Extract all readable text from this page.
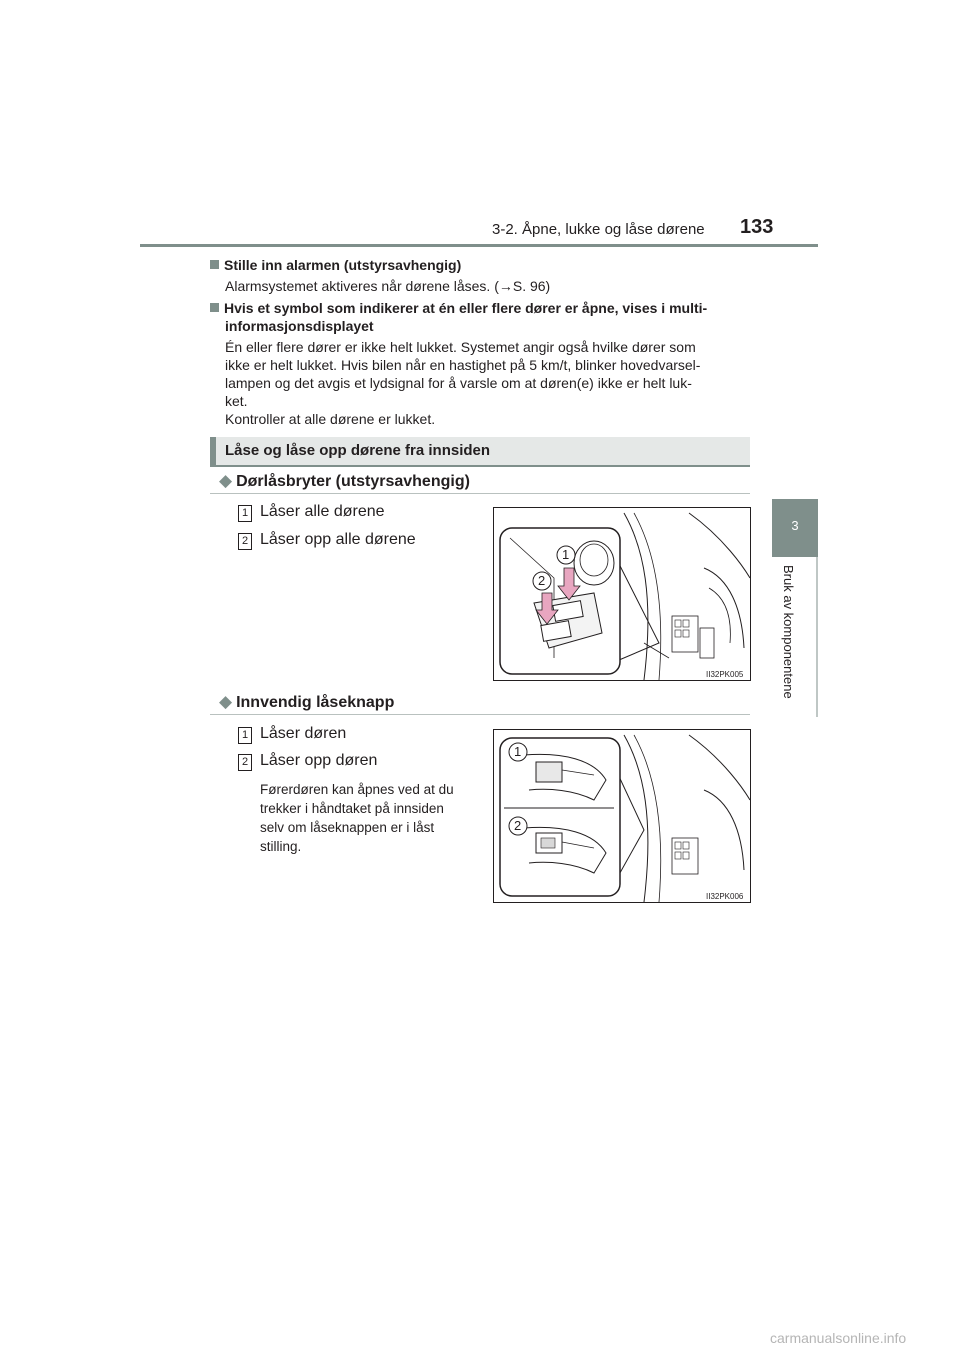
3-2. Åpne, lukke og låse dørene 133
3
Bruk av komponentene
Stille inn alarmen (utstyrsavhengig)
Alarmsystemet aktiveres når dørene låses. (→S. 96)
Hvis et symbol som indikerer at én eller flere dører er åpne, vises i multi-
informasjonsdisplayet
Én eller flere dører er ikke helt lukket. Systemet angir også hvilke dører som
ikke er helt lukket. Hvis bilen når en hastighet på 5 km/t, blinker hovedvarsel-
lampen og det avgis et lydsignal for å varsle om at døren(e) ikke er helt luk-
ket.
Kontroller at alle dørene er lukket.
Låse og låse opp dørene fra innsiden
◆ Dørlåsbryter (utstyrsavhengig)
1 Låser alle dørene
2 Låser opp alle dørene
1
2
II32PK005
◆ Innvendig låseknapp
1 Låser døren
2 Låser opp døren
Førerdøren kan åpnes ved at du
trekker i håndtaket på innsiden
selv om låseknappen er i låst
stilling.
1
2
II32PK006
carmanualsonline.info
